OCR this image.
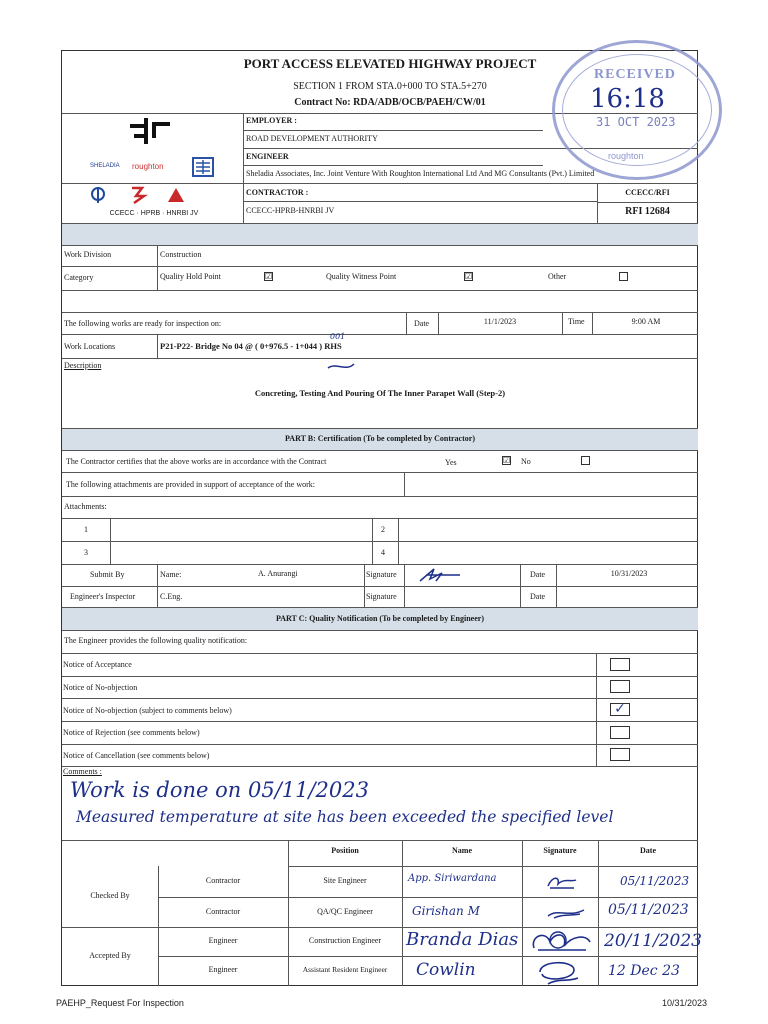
PORT ACCESS ELEVATED HIGHWAY PROJECT
SECTION 1 FROM STA.0+000 TO STA.5+270
Contract No: RDA/ADB/OCB/PAEH/CW/01
EMPLOYER :
ROAD DEVELOPMENT AUTHORITY
ENGINEER
Sheladia Associates, Inc. Joint Venture With Roughton International Ltd And MG Consultants (Pvt.) Limited
CONTRACTOR :
CCECC-HPRB-HNRBI JV
CCECC/RFI
RFI 12684
SHELADIA roughton
CCECC · HPRB · HNRBI JV
RECEIVED
16:18
31 OCT 2023
roughton
Work Division	Construction
Category	Quality Hold Point	☑	Quality Witness Point	☑	Other
The following works are ready for inspection on:	Date	11/1/2023	Time	9:00 AM
Work Locations	P21-P22- Bridge No 04 @ ( 0+976.5 - 1+044 ) RHS
001
Description
Concreting, Testing And Pouring Of The Inner Parapet Wall (Step-2)
PART B: Certification (To be completed by Contractor)
The Contractor certifies that the above works are in accordance with the Contract	Yes	☑ No
The following attachments are provided in support of acceptance of the work:
Attachments:
1	2
3	4
Submit By	Name:	A. Anurangi	Signature	Date	10/31/2023
Engineer's Inspector	C.Eng.	Signature	Date
PART C: Quality Notification (To be completed by Engineer)
The Engineer provides the following quality notification:
Notice of Acceptance
Notice of No-objection
Notice of No-objection (subject to comments below)	✓
Notice of Rejection (see comments below)
Notice of Cancellation (see comments below)
Comments :
Work is done on 05/11/2023
Measured temperature at site has been exceeded the specified level
Position	Name	Signature	Date
Checked By
Accepted By
Contractor	Site Engineer	App. Siriwardana	05/11/2023
Contractor	QA/QC Engineer	Girishan M	05/11/2023
Engineer	Construction Engineer	Branda Dias	20/11/2023
Engineer	Assistant Resident Engineer	Cowlin	12 Dec 23
PAEHP_Request For Inspection	10/31/2023
